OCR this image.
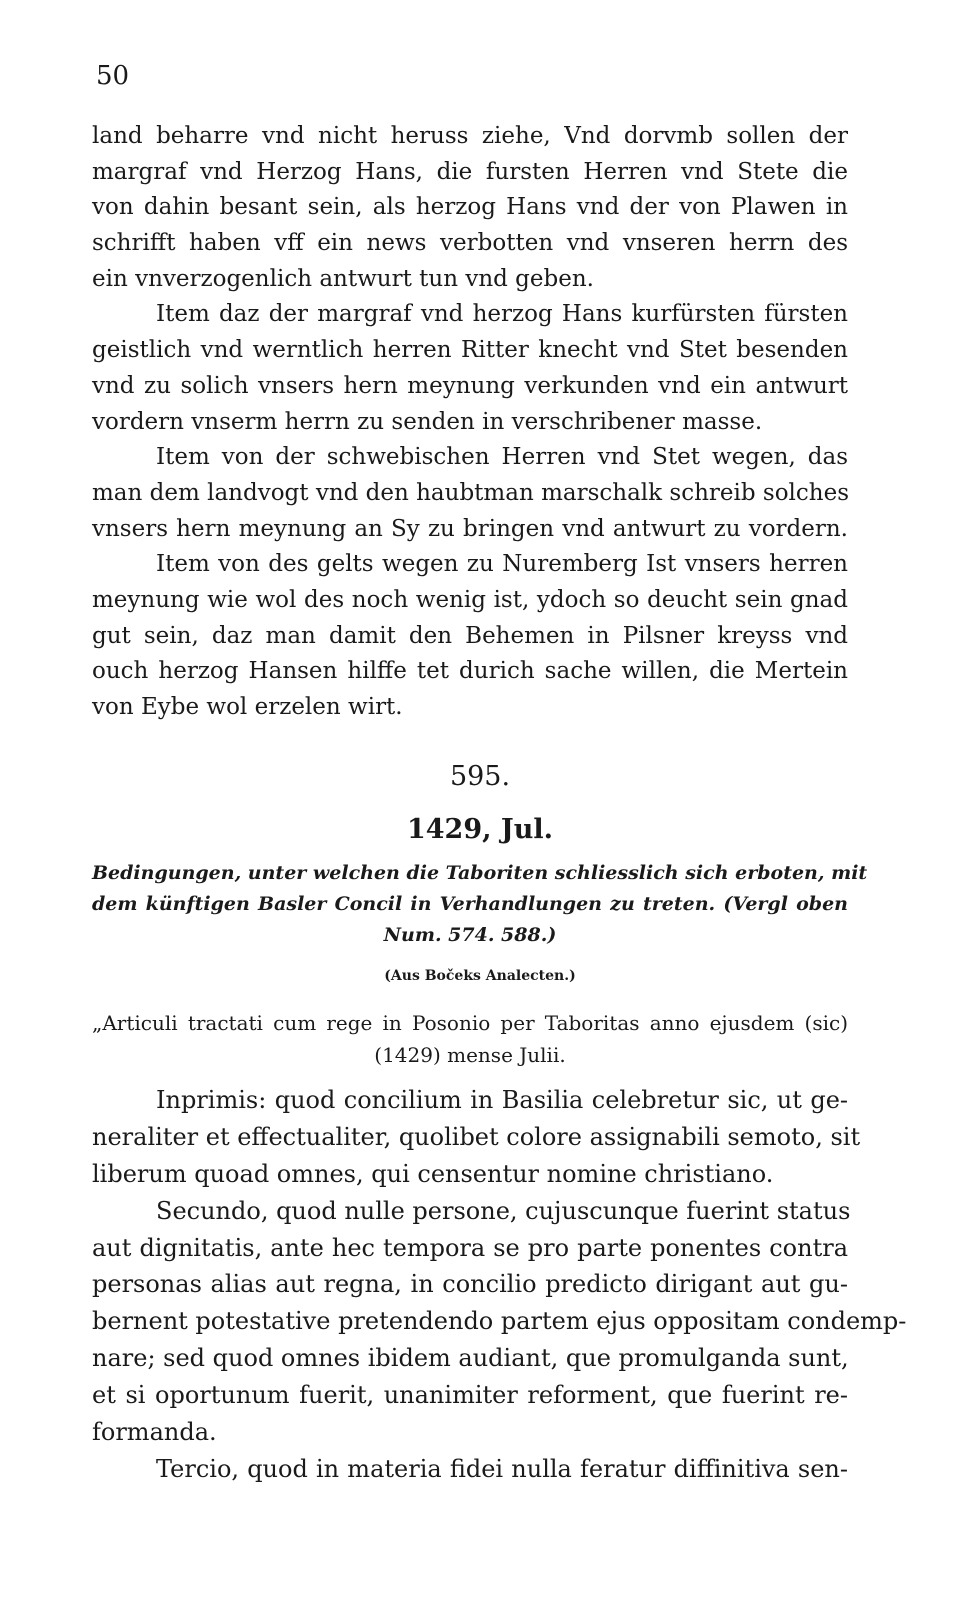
50
land beharre vnd nicht heruss ziehe, Vnd dorvmb sollen der
margraf vnd Herzog Hans, die fursten Herren vnd Stete die
von dahin besant sein, als herzog Hans vnd der von Plawen in
schrifft haben vff ein news verbotten vnd vnseren herrn des
ein vnverzogenlich antwurt tun vnd geben.
Item daz der margraf vnd herzog Hans kurfürsten fürsten
geistlich vnd werntlich herren Ritter knecht vnd Stet besenden
vnd zu solich vnsers hern meynung verkunden vnd ein antwurt
vordern vnserm herrn zu senden in verschribener masse.
Item von der schwebischen Herren vnd Stet wegen, das
man dem landvogt vnd den haubtman marschalk schreib solches
vnsers hern meynung an Sy zu bringen vnd antwurt zu vordern.
Item von des gelts wegen zu Nuremberg Ist vnsers herren
meynung wie wol des noch wenig ist, ydoch so deucht sein gnad
gut sein, daz man damit den Behemen in Pilsner kreyss vnd
ouch herzog Hansen hilffe tet durich sache willen, die Mertein
von Eybe wol erzelen wirt.
595.
1429, Jul.
Bedingungen, unter welchen die Taboriten schliesslich sich erboten, mit
dem künftigen Basler Concil in Verhandlungen zu treten. (Vergl oben
Num. 574. 588.)
(Aus Bočeks Analecten.)
„Articuli tractati cum rege in Posonio per Taboritas anno ejusdem (sic)
(1429) mense Julii.
Inprimis: quod concilium in Basilia celebretur sic, ut ge-
neraliter et effectualiter, quolibet colore assignabili semoto, sit
liberum quoad omnes, qui censentur nomine christiano.
Secundo, quod nulle persone, cujuscunque fuerint status
aut dignitatis, ante hec tempora se pro parte ponentes contra
personas alias aut regna, in concilio predicto dirigant aut gu-
bernent potestative pretendendo partem ejus oppositam condemp-
nare; sed quod omnes ibidem audiant, que promulganda sunt,
et si oportunum fuerit, unanimiter reforment, que fuerint re-
formanda.
Tercio, quod in materia fidei nulla feratur diffinitiva sen-
